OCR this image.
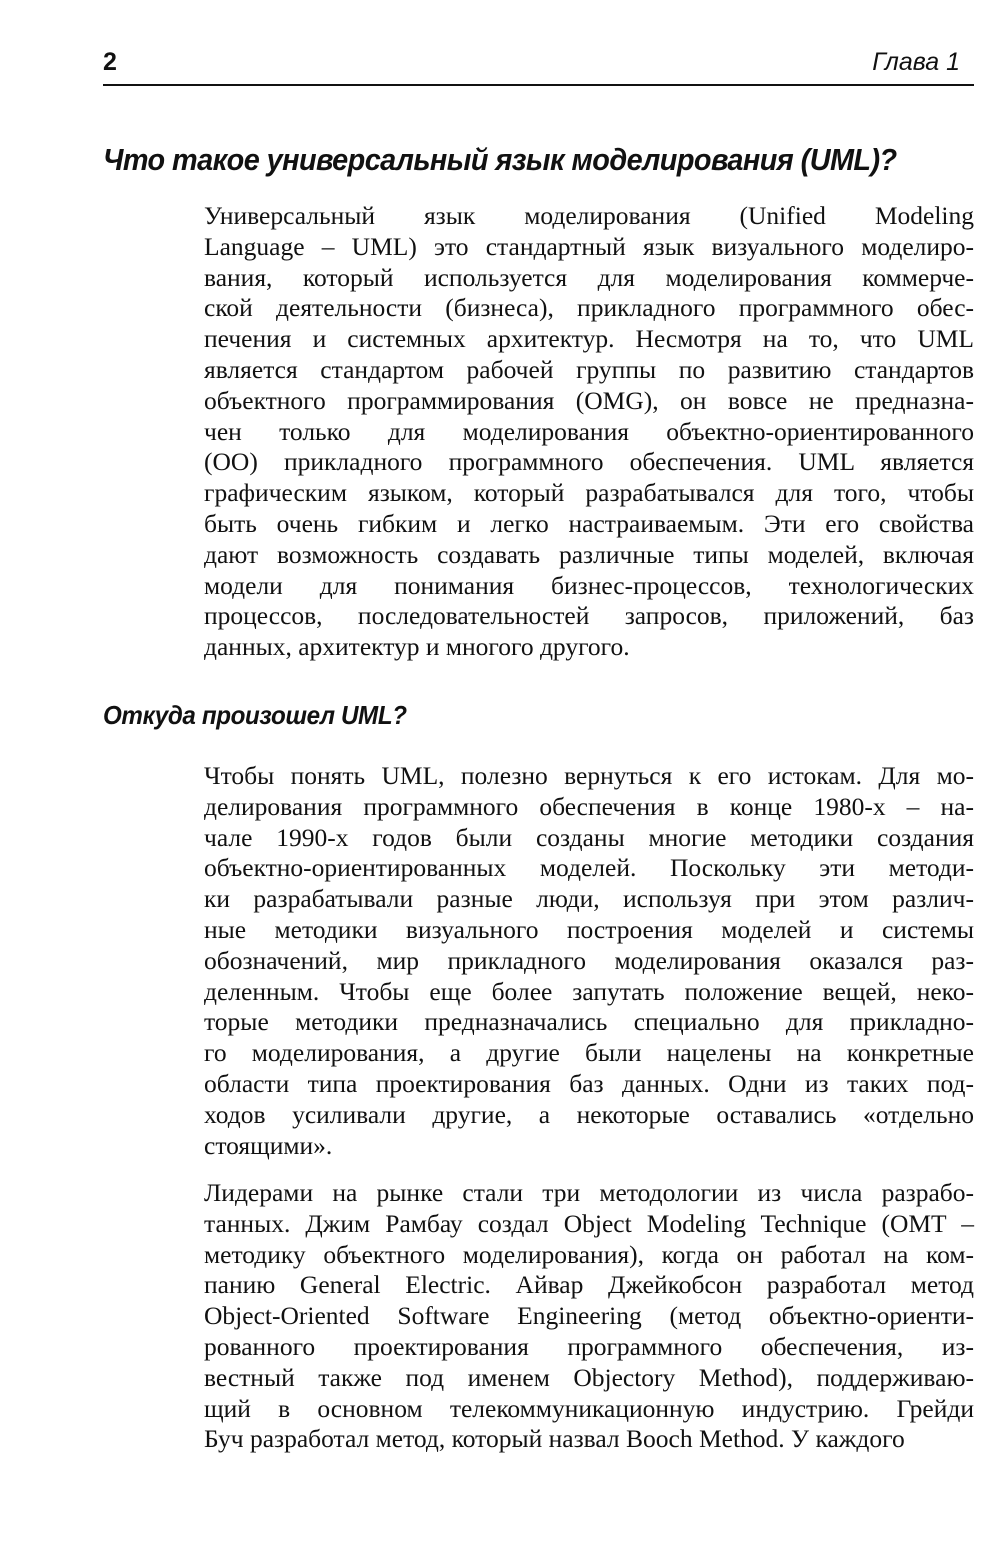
2	Глава 1
Что такое универсальный язык моделирования (UML)?
Универсальный язык моделирования (Unified Modeling
Language – UML) это стандартный язык визуального моделиро-
вания, который используется для моделирования коммерче-
ской деятельности (бизнеса), прикладного программного обес-
печения и системных архитектур. Несмотря на то, что UML
является стандартом рабочей группы по развитию стандартов
объектного программирования (OMG), он вовсе не предназна-
чен только для моделирования объектно-ориентированного
(ОО) прикладного программного обеспечения. UML является
графическим языком, который разрабатывался для того, чтобы
быть очень гибким и легко настраиваемым. Эти его свойства
дают возможность создавать различные типы моделей, включая
модели для понимания бизнес-процессов, технологических
процессов, последовательностей запросов, приложений, баз
данных, архитектур и многого другого.
Откуда произошел UML?
Чтобы понять UML, полезно вернуться к его истокам. Для мо-
делирования программного обеспечения в конце 1980-х – на-
чале 1990-х годов были созданы многие методики создания
объектно-ориентированных моделей. Поскольку эти методи-
ки разрабатывали разные люди, используя при этом различ-
ные методики визуального построения моделей и системы
обозначений, мир прикладного моделирования оказался раз-
деленным. Чтобы еще более запутать положение вещей, неко-
торые методики предназначались специально для прикладно-
го моделирования, а другие были нацелены на конкретные
области типа проектирования баз данных. Одни из таких под-
ходов усиливали другие, а некоторые оставались «отдельно
стоящими».
Лидерами на рынке стали три методологии из числа разрабо-
танных. Джим Рамбау создал Object Modeling Technique (OMT –
методику объектного моделирования), когда он работал на ком-
панию General Electric. Айвар Джейкобсон разработал метод
Object-Oriented Software Engineering (метод объектно-ориенти-
рованного проектирования программного обеспечения, из-
вестный также под именем Objectory Method), поддерживаю-
щий в основном телекоммуникационную индустрию. Грейди
Буч разработал метод, который назвал Booch Method. У каждого
